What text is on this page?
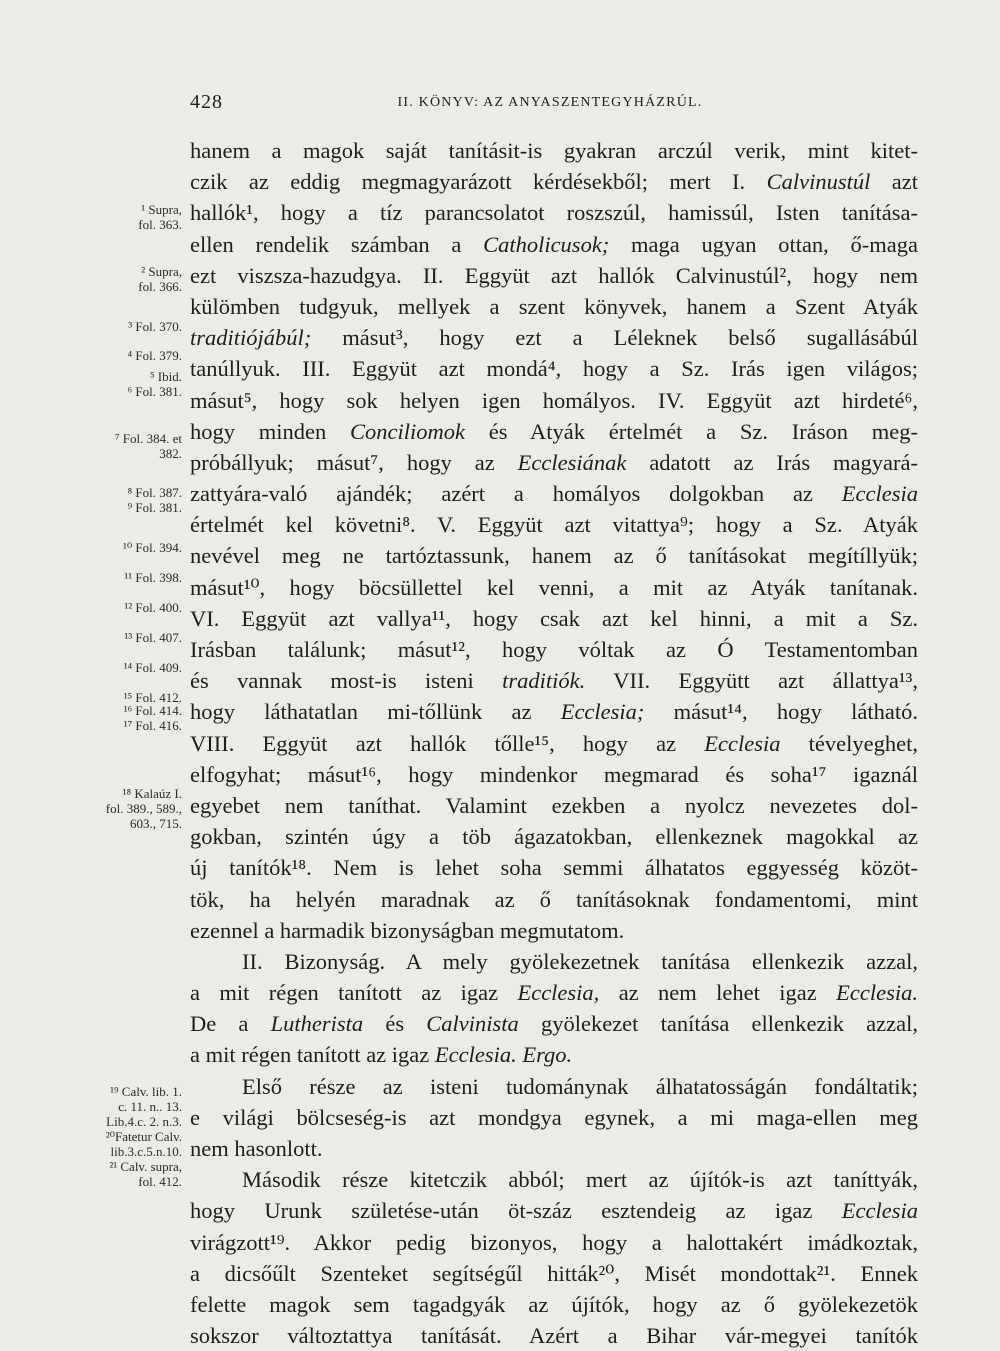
428	II. KÖNYV: AZ ANYASZENTEGYHÁZRÚL.
hanem a magok saját tanításit-is gyakran arczúl verik, mint kitet-
czik az eddig megmagyarázott kérdésekből; mert I. Calvinustúl azt
hallók¹, hogy a tíz parancsolatot roszszúl, hamissúl, Isten tanítása-
ellen rendelik számban a Catholicusok; maga ugyan ottan, ő-maga
ezt viszsza-hazudgya. II. Eggyüt azt hallók Calvinustúl², hogy nem
külömben tudgyuk, mellyek a szent könyvek, hanem a Szent Atyák
traditiójábúl; másut³, hogy ezt a Léleknek belső sugallásábúl
tanúllyuk. III. Eggyüt azt mondá⁴, hogy a Sz. Irás igen világos;
másut⁵, hogy sok helyen igen homályos. IV. Eggyüt azt hirdeté⁶,
hogy minden Conciliomok és Atyák értelmét a Sz. Iráson meg-
próbállyuk; másut⁷, hogy az Ecclesiának adatott az Irás magyará-
zattyára-való ajándék; azért a homályos dolgokban az Ecclesia
értelmét kel követni⁸. V. Eggyüt azt vitattya⁹; hogy a Sz. Atyák
nevével meg ne tartóztassunk, hanem az ő tanításokat megítíllyük;
másut¹⁰, hogy böcsüllettel kel venni, a mit az Atyák tanítanak.
VI. Eggyüt azt vallya¹¹, hogy csak azt kel hinni, a mit a Sz.
Irásban találunk; másut¹², hogy vóltak az Ó Testamentomban
és vannak most-is isteni traditiók. VII. Eggyütt azt állattya¹³,
hogy láthatatlan mi-tőllünk az Ecclesia; másut¹⁴, hogy látható.
VIII. Eggyüt azt hallók tőlle¹⁵, hogy az Ecclesia tévelyeghet,
elfogyhat; másut¹⁶, hogy mindenkor megmarad és soha¹⁷ igaznál
egyebet nem taníthat. Valamint ezekben a nyolcz nevezetes dol-
gokban, szintén úgy a töb ágazatokban, ellenkeznek magokkal az
új tanítók¹⁸. Nem is lehet soha semmi álhatatos eggyesség közöt-
tök, ha helyén maradnak az ő tanításoknak fondamentomi, mint
ezennel a harmadik bizonyságban megmutatom.
II. Bizonyság. A mely gyölekezetnek tanítása ellenkezik azzal,
a mit régen tanított az igaz Ecclesia, az nem lehet igaz Ecclesia.
De a Lutherista és Calvinista gyölekezet tanítása ellenkezik azzal,
a mit régen tanított az igaz Ecclesia. Ergo.
Első része az isteni tudománynak álhatatosságán fondáltatik;
e világi bölcseség-is azt mondgya egynek, a mi maga-ellen meg
nem hasonlott.
Második része kitetczik abból; mert az újítók-is azt taníttyák,
hogy Urunk születése-után öt-száz esztendeig az igaz Ecclesia
virágzott¹⁹. Akkor pedig bizonyos, hogy a halottakért imádkoztak,
a dicsőűlt Szenteket segítségűl hitták²⁰, Misét mondottak²¹. Ennek
felette magok sem tagadgyák az újítók, hogy az ő gyölekezetök
sokszor változtattya tanítását. Azért a Bihar vár-megyei tanítók
¹ Supra,
fol. 363.
² Supra,
fol. 366.
³ Fol. 370.
⁴ Fol. 379.
⁵ Ibid.
⁶ Fol. 381.
⁷ Fol. 384. et
382.
⁸ Fol. 387.
⁹ Fol. 381.
¹⁰ Fol. 394.
¹¹ Fol. 398.
¹² Fol. 400.
¹³ Fol. 407.
¹⁴ Fol. 409.
¹⁵ Fol. 412.
¹⁶ Fol. 414.
¹⁷ Fol. 416.
¹⁸ Kalaúz I.
fol. 389., 589.,
603., 715.
¹⁹ Calv. lib. 1.
c. 11. n.. 13.
Lib.4.c. 2. n.3.
²⁰Fatetur Calv.
lib.3.c.5.n.10.
²¹ Calv. supra,
fol. 412.
